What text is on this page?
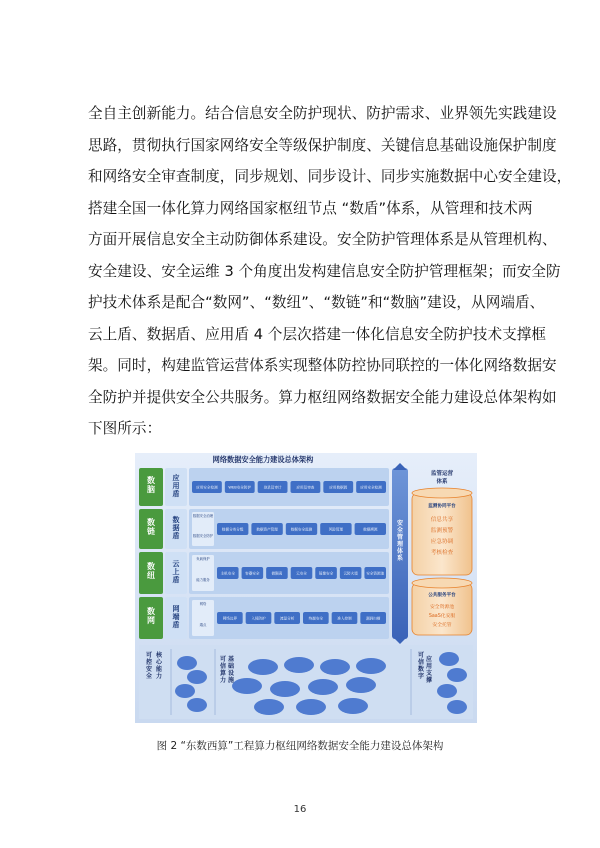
全自主创新能力。结合信息安全防护现状、防护需求、业界领先实践建设
思路，贯彻执行国家网络安全等级保护制度、关键信息基础设施保护制度
和网络安全审查制度，同步规划、同步设计、同步实施数据中心安全建设，
搭建全国一体化算力网络国家枢纽节点 “数盾”体系，从管理和技术两
方面开展信息安全主动防御体系建设。安全防护管理体系是从管理机构、
安全建设、安全运维 3 个角度出发构建信息安全防护管理框架；而安全防
护技术体系是配合“数网”、“数纽”、“数链”和“数脑”建设，从网端盾、
云上盾、数据盾、应用盾 4 个层次搭建一体化信息安全防护技术支撑框
架。同时，构建监管运营体系实现整体防控协同联控的一体化网络数据安
全防护并提供安全公共服务。算力枢纽网络数据安全能力建设总体架构如
下图所示：
网络数据安全能力建设总体架构
数
脑
应
用
盾
数
链
数
据
盾
数
纽
云
上
盾
数
网
网
端
盾
应用安全检测	WEB安全防护	登录及审计	应用及审查	应用数据源	应用安全检测
数据安全治理
数据安全防护
数据分类分级	数据资产管理	数据安全监测	风险管理	数据溯源
负载保护
能力服务
主机安全	容器安全	微隔离	云安全	镜像安全	云防火墙 安全资源池
网络
端点
网络边界	入侵防护	流量分析	终端安全	准入控制	漏洞扫描
监管运营
体系
监测协同平台
信息共享
监测预警
应急协调
考核检查
公共服务平台
安全资源池
SaaS化安服
安全托管
可
控
安
全
核
心
能
力
可
信
算
力
基
础
设
施
可
信
数
字
应
用
支
撑
安
全
管
理
体
系
图 2 “东数西算”工程算力枢纽网络数据安全能力建设总体架构
16
